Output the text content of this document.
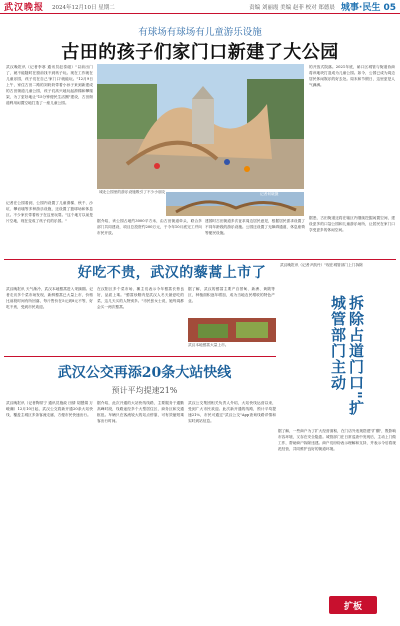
武汉晚报 2024年12月10日 星期二	责编 刘丽霞 美编 赵菲 校对 郑德晨 城事·民生 05
有球场有球场有儿童游乐设施
古田的孩子们家门口新建了大公园
武汉晚报讯（记者李寒 通讯员赵泰磁）"以前出门了，就不能随时在窗前找不到孩子玩。现在工作就在儿童乐园，孩子们在自己'家门口'就能玩。"12月9日上午，家住古田二路的刘奶奶带着小孙子来到新建成的古田街道儿童公园，孩子们高兴地玩起滑梯和攀爬架，为了更好地让"15分钟便民生活圈"建设，古田街道利用闲置空地打造了一座儿童公园。
记者在公园看到，公园内设置了儿童滑梯、秋千、沙坑、攀岩墙等多种游乐设施，还设置了篮球场和休息区。不少家长带着孩子在这里玩耍。"这个地方以前是片空地，现在变成了孩子们的乐园。"
城北公园里的游乐设施吸引了不少小朋友	记者何晓摄
据介绍，该公园占地约3000平方米，由古田街道牵头，联合多部门共同建设，项目总投资约200万元，于今年10月底完工并向市民开放。
建园时古田街道多次征求周边居民意见，根据居民需求设置了不同年龄段的游乐设施。公园还设置了无障碍通道、休息座椅等便民设施。
的开放式院落。2021年底，硚口区城管与街道协商将该地块打造成为儿童公园。如今，公园已成为周边居民休闲娱乐的好去处。周末和节假日，这里更是人气满满。
据悉，古田街道还将在辖区内继续挖掘闲置空间，建设更多的口袋公园和儿童游乐场所，让居民在家门口享受更多的休闲空间。
好吃不贵，武汉的藜蒿上市了
武汉晚报讯 天气渐冷，武汉本地藜蒿进入采摘期。记者走访多个菜市场发现，新鲜藜蒿已大量上市，价格比前段时间有所回落，每斤售价在5元到8元不等，好吃不贵，受到市民欢迎。
在汉阳区多个菜市场，摊主们表示今年藜蒿长势良好，品质上乘。"藜蒿炒腊肉是武汉人冬天最爱吃的菜，这几天买的人特别多。"市民张女士说，她每周都会买一两次藜蒿。
据了解，武汉的藜蒿主要产自蔡甸、新洲、黄陂等区，种植面积逐年增加，成为当地农民增收的特色产业。
武汉本地藜蒿大量上市。
武汉晚报讯（记者尹凯丹）"现在城管部门上门拆除
城管部门主动 拆除占道门口"扩
据了解，一些商户为了扩大经营面积，在门店外违规搭建"扩棚"，既影响市容环境，又存在安全隐患。城管部门在日常巡查中发现后，主动上门做工作，帮助商户拆除违建。商户们纷纷表示理解和支持，并表示今后将规范经营，共同维护良好的街道环境。
武汉公交再添20条大站快线
预计平均提速21%
武汉晚报讯（记者陶常宁 通讯员施政 田倩 胡慧娟 万峻澜）12月10日起，武汉公交将新开通20条大站快线，覆盖主城区多条客流走廊，方便市民快速出行。
据介绍，此次开通的大站快线线路，主要服务于通勤高峰时段，线路途经多个大型居住区、商务区和交通枢纽。车辆只在客流较大的站点停靠，可有效缩短乘客出行时间。
武汉公交集团相关负责人介绍，大站快线运营以来，受到广大市民欢迎。此次新开通的线路，预计平均提速21%，市民可通过"武汉公交"App查询线路详情和实时到站信息。
扩板
